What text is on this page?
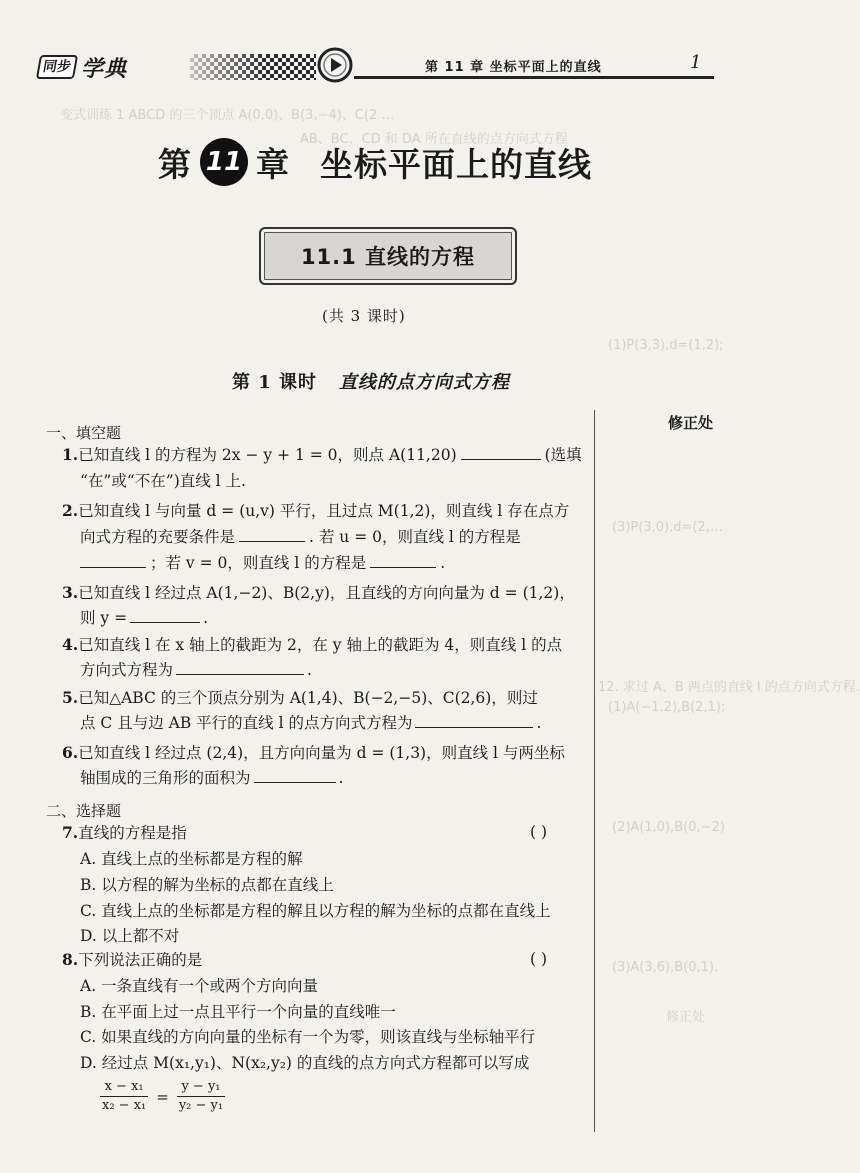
变式训练 1 ABCD 的三个顶点 A(0,0)、B(3,−4)、C(2 …
AB、BC、CD 和 DA 所在直线的点方向式方程
(1)P(3,3),d=(1,2);
(3)P(3,0),d=(2,…
12. 求过 A、B 两点的直线 l 的点方向式方程.
(1)A(−1,2),B(2,1);
(2)A(1,0),B(0,−2)
(3)A(3,6),B(0,1).
修正处
同步 学典	第 11 章 坐标平面上的直线	1
第 11 章 坐标平面上的直线
11.1 直线的方程
(共 3 课时)
第 1 课时 直线的点方向式方程
修正处
一、填空题
1.已知直线 l 的方程为 2x − y + 1 = 0，则点 A(11,20)	(选填
“在”或“不在”)直线 l 上.
2.已知直线 l 与向量 d = (u,v) 平行，且过点 M(1,2)，则直线 l 存在点方
向式方程的充要条件是	. 若 u = 0，则直线 l 的方程是
；若 v = 0，则直线 l 的方程是	.
3.已知直线 l 经过点 A(1,−2)、B(2,y)，且直线的方向向量为 d = (1,2)，
则 y =	.
4.已知直线 l 在 x 轴上的截距为 2，在 y 轴上的截距为 4，则直线 l 的点
方向式方程为	.
5.已知△ABC 的三个顶点分别为 A(1,4)、B(−2,−5)、C(2,6)，则过
点 C 且与边 AB 平行的直线 l 的点方向式方程为	.
6.已知直线 l 经过点 (2,4)，且方向向量为 d = (1,3)，则直线 l 与两坐标
轴围成的三角形的面积为	.
二、选择题
7.直线的方程是指	( )
A. 直线上点的坐标都是方程的解
B. 以方程的解为坐标的点都在直线上
C. 直线上点的坐标都是方程的解且以方程的解为坐标的点都在直线上
D. 以上都不对
8.下列说法正确的是	( )
A. 一条直线有一个或两个方向向量
B. 在平面上过一点且平行一个向量的直线唯一
C. 如果直线的方向向量的坐标有一个为零，则该直线与坐标轴平行
D. 经过点 M(x₁,y₁)、N(x₂,y₂) 的直线的点方向式方程都可以写成
$\frac{\text{x − x₁}}{\text{x₂ − x₁}} = \frac{\text{y − y₁}}{\text{y₂ − y₁}}$
